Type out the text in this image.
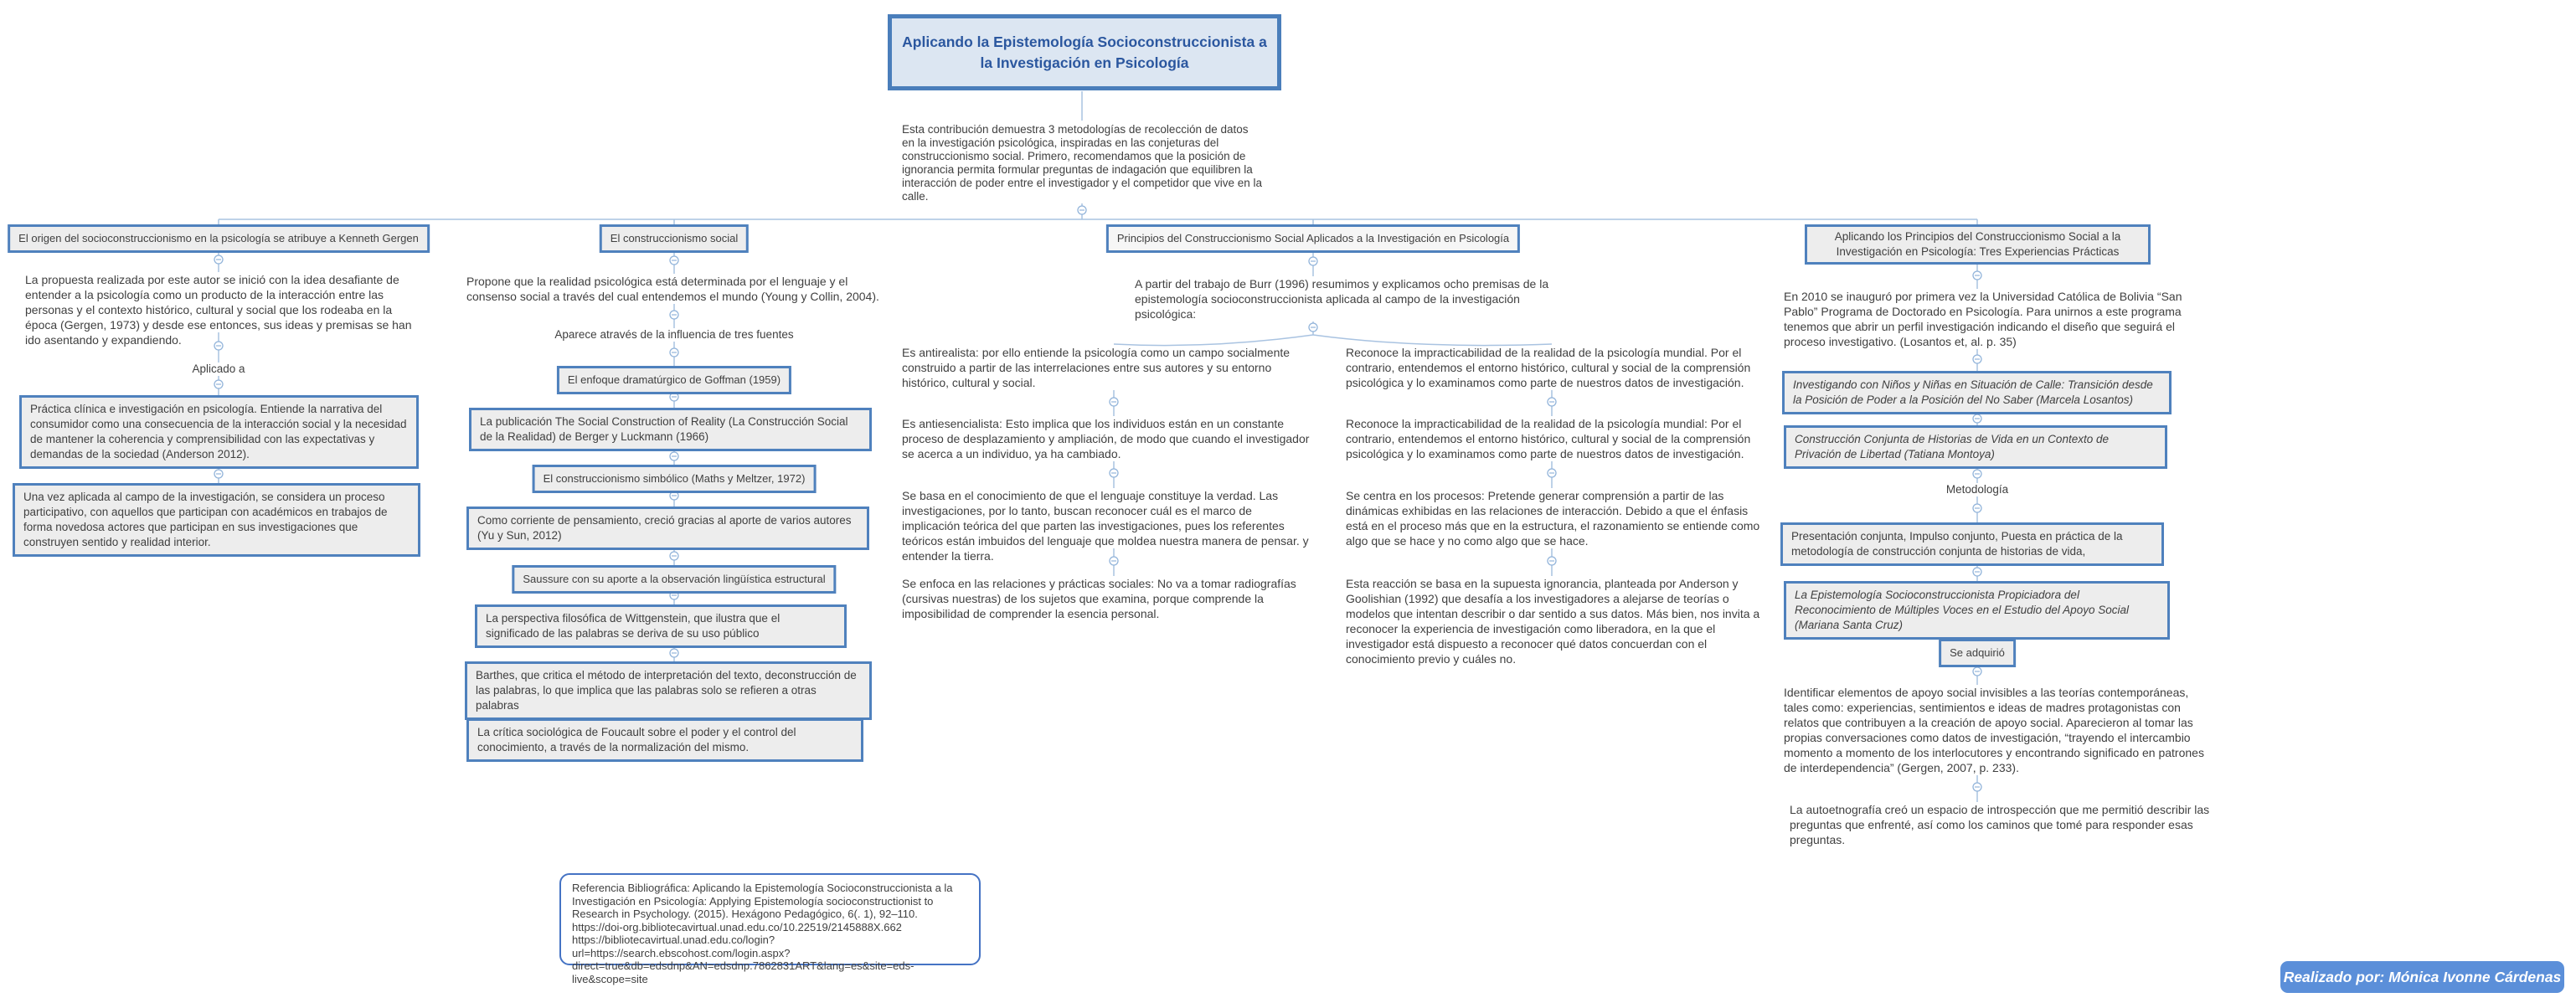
Aplicando la Epistemología Socioconstruccionista a la Investigación en Psicología
Esta contribución demuestra 3 metodologías de recolección de datos en la investigación psicológica, inspiradas en las conjeturas del construccionismo social. Primero, recomendamos que la posición de ignorancia permita formular preguntas de indagación que equilibren la interacción de poder entre el investigador y el competidor que vive en la calle.
El origen del socioconstruccionismo en la psicología se atribuye a Kenneth Gergen
La propuesta realizada por este autor se inició con la idea desafiante de entender a la psicología como un producto de la interacción entre las personas y el contexto histórico, cultural y social que los rodeaba en la época (Gergen, 1973) y desde ese entonces, sus ideas y premisas se han ido asentando y expandiendo.
Aplicado a
Práctica clínica e investigación en psicología. Entiende la narrativa del consumidor como una consecuencia de la interacción social y la necesidad de mantener la coherencia y comprensibilidad con las expectativas y demandas de la sociedad (Anderson 2012).
Una vez aplicada al campo de la investigación, se considera un proceso participativo, con aquellos que participan con académicos en trabajos de forma novedosa actores que participan en sus investigaciones que construyen sentido y realidad interior.
El construccionismo social
Propone que la realidad psicológica está determinada por el lenguaje y el consenso social a través del cual entendemos el mundo (Young y Collin, 2004).
Aparece através de la influencia de tres fuentes
El enfoque dramatúrgico de Goffman (1959)
La publicación The Social Construction of Reality (La Construcción Social de la Realidad) de Berger y Luckmann (1966)
El construccionismo simbólico (Maths y Meltzer, 1972)
Como corriente de pensamiento, creció gracias al aporte de varios autores (Yu y Sun, 2012)
Saussure con su aporte a la observación lingüística estructural
La perspectiva filosófica de Wittgenstein, que ilustra que el significado de las palabras se deriva de su uso público
Barthes, que critica el método de interpretación del texto, deconstrucción de las palabras, lo que implica que las palabras solo se refieren a otras palabras
La crítica sociológica de Foucault sobre el poder y el control del conocimiento, a través de la normalización del mismo.
Principios del Construccionismo Social Aplicados a la Investigación en Psicología
A partir del trabajo de Burr (1996) resumimos y explicamos ocho premisas de la epistemología socioconstruccionista aplicada al campo de la investigación psicológica:
Es antirealista: por ello entiende la psicología como un campo socialmente construido a partir de las interrelaciones entre sus autores y su entorno histórico, cultural y social.
Es antiesencialista: Esto implica que los individuos están en un constante proceso de desplazamiento y ampliación, de modo que cuando el investigador se acerca a un individuo, ya ha cambiado.
Se basa en el conocimiento de que el lenguaje constituye la verdad. Las investigaciones, por lo tanto, buscan reconocer cuál es el marco de implicación teórica del que parten las investigaciones, pues los referentes teóricos están imbuidos del lenguaje que moldea nuestra manera de pensar. y entender la tierra.
Se enfoca en las relaciones y prácticas sociales: No va a tomar radiografías (cursivas nuestras) de los sujetos que examina, porque comprende la imposibilidad de comprender la esencia personal.
Reconoce la impracticabilidad de la realidad de la psicología mundial. Por el contrario, entendemos el entorno histórico, cultural y social de la comprensión psicológica y lo examinamos como parte de nuestros datos de investigación.
Reconoce la impracticabilidad de la realidad de la psicología mundial: Por el contrario, entendemos el entorno histórico, cultural y social de la comprensión psicológica y lo examinamos como parte de nuestros datos de investigación.
Se centra en los procesos: Pretende generar comprensión a partir de las dinámicas exhibidas en las relaciones de interacción. Debido a que el énfasis está en el proceso más que en la estructura, el razonamiento se entiende como algo que se hace y no como algo que se hace.
Esta reacción se basa en la supuesta ignorancia, planteada por Anderson y Goolishian (1992) que desafía a los investigadores a alejarse de teorías o modelos que intentan describir o dar sentido a sus datos. Más bien, nos invita a reconocer la experiencia de investigación como liberadora, en la que el investigador está dispuesto a reconocer qué datos concuerdan con el conocimiento previo y cuáles no.
Aplicando los Principios del Construccionismo Social a la Investigación en Psicología: Tres Experiencias Prácticas
En 2010 se inauguró por primera vez la Universidad Católica de Bolivia “San Pablo” Programa de Doctorado en Psicología. Para unirnos a este programa tenemos que abrir un perfil investigación indicando el diseño que seguirá el proceso investigativo. (Losantos et, al. p. 35)
Investigando con Niños y Niñas en Situación de Calle: Transición desde la Posición de Poder a la Posición del No Saber (Marcela Losantos)
Construcción Conjunta de Historias de Vida en un Contexto de Privación de Libertad (Tatiana Montoya)
Metodología
Presentación conjunta, Impulso conjunto, Puesta en práctica de la metodología de construcción conjunta de historias de vida,
La Epistemología Socioconstruccionista Propiciadora del Reconocimiento de Múltiples Voces en el Estudio del Apoyo Social (Mariana Santa Cruz)
Se adquirió
Identificar elementos de apoyo social invisibles a las teorías contemporáneas, tales como: experiencias, sentimientos e ideas de madres protagonistas con relatos que contribuyen a la creación de apoyo social. Aparecieron al tomar las propias conversaciones como datos de investigación, “trayendo el intercambio momento a momento de los interlocutores y encontrando significado en patrones de interdependencia” (Gergen, 2007, p. 233).
La autoetnografía creó un espacio de introspección que me permitió describir las preguntas que enfrenté, así como los caminos que tomé para responder esas preguntas.
Referencia Bibliográfica: Aplicando la Epistemología Socioconstruccionista a la Investigación en Psicología: Applying Epistemología socioconstructionist to Research in Psychology. (2015). Hexágono Pedagógico, 6(. 1), 92–110. https://doi-org.bibliotecavirtual.unad.edu.co/10.22519/2145888X.662 https://bibliotecavirtual.unad.edu.co/login?url=https://search.ebscohost.com/login.aspx?direct=true&db=edsdnp&AN=edsdnp.7862831ART&lang=es&site=eds-live&scope=site	Realizado por: Mónica Ivonne Cárdenas
